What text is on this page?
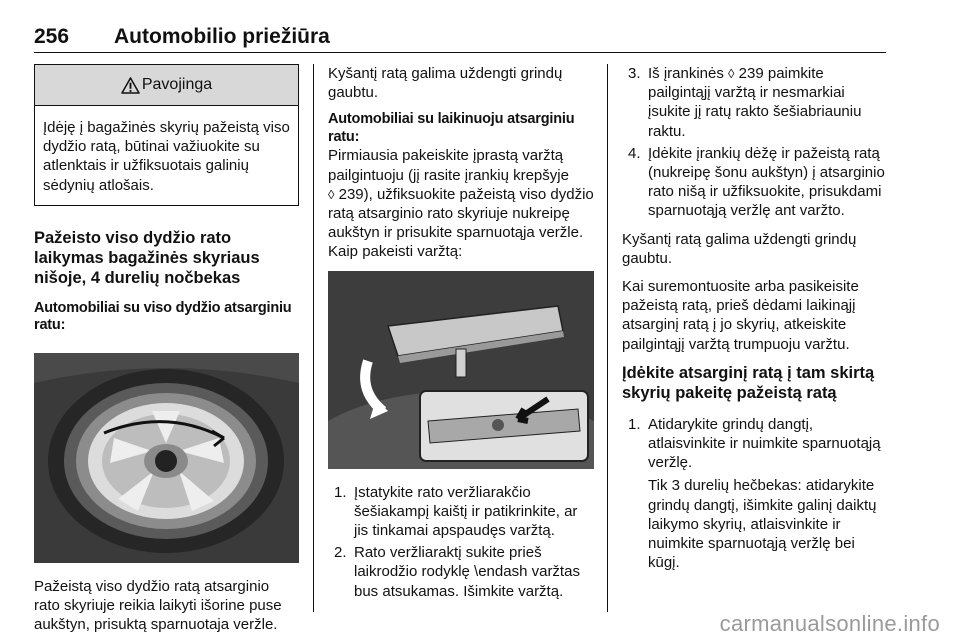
256 Automobilio priežiūra
Pavojinga
Įdėję į bagažinės skyrių pažeistą viso dydžio ratą, būtinai važiuokite su atlenktais ir užfiksuotais galinių sėdynių atlošais.
Pažeisto viso dydžio rato laikymas bagažinės skyriaus nišoje, 4 durelių nočbekas
Automobiliai su viso dydžio atsarginiu ratu:

Pažeistą viso dydžio ratą atsarginio rato skyriuje reikia laikyti išorine puse aukštyn, prisuktą sparnuotaja veržle.

Kyšantį ratą galima uždengti grindų gaubtu.

Automobiliai su laikinuoju atsarginiu ratu:

Pirmiausia pakeiskite įprastą varžtą pailgintuoju (jį rasite įrankių krepšyje
◊ 239), užfiksuokite pažeistą viso dydžio ratą atsarginio rato skyriuje nukreipę aukštyn ir prisukite sparnuotąja veržle. Kaip pakeisti varžtą:

1. Įstatykite rato veržliarakčio šešiakampį kaištį ir patikrinkite, ar jis tinkamai apspaudęs varžtą.
2. Rato veržliaraktį sukite prieš laikrodžio rodyklę \endash varžtas bus atsukamas. Išimkite varžtą.
3. Iš įrankinės ◊ 239 paimkite pailgintąjį varžtą ir nesmarkiai įsukite jį ratų rakto šešiabriauniu raktu.
4. Įdėkite įrankių dėžę ir pažeistą ratą (nukreipę šonu aukštyn) į atsarginio rato nišą ir užfiksuokite, prisukdami sparnuotąją veržlę ant varžto.

Kyšantį ratą galima uždengti grindų gaubtu.

Kai suremontuosite arba pasikeisite pažeistą ratą, prieš dėdami laikinąjį atsarginį ratą į jo skyrių, atkeiskite pailgintąjį varžtą trumpuoju varžtu.

Įdėkite atsarginį ratą į tam skirtą skyrių pakeitę pažeistą ratą
1. Atidarykite grindų dangtį, atlaisvinkite ir nuimkite sparnuotąją veržlę.
Tik 3 durelių hečbekas: atidarykite grindų dangtį, išimkite galinį daiktų laikymo skyrių, atlaisvinkite ir nuimkite sparnuotąją veržlę bei kūgį.
carmanualsonline.info
